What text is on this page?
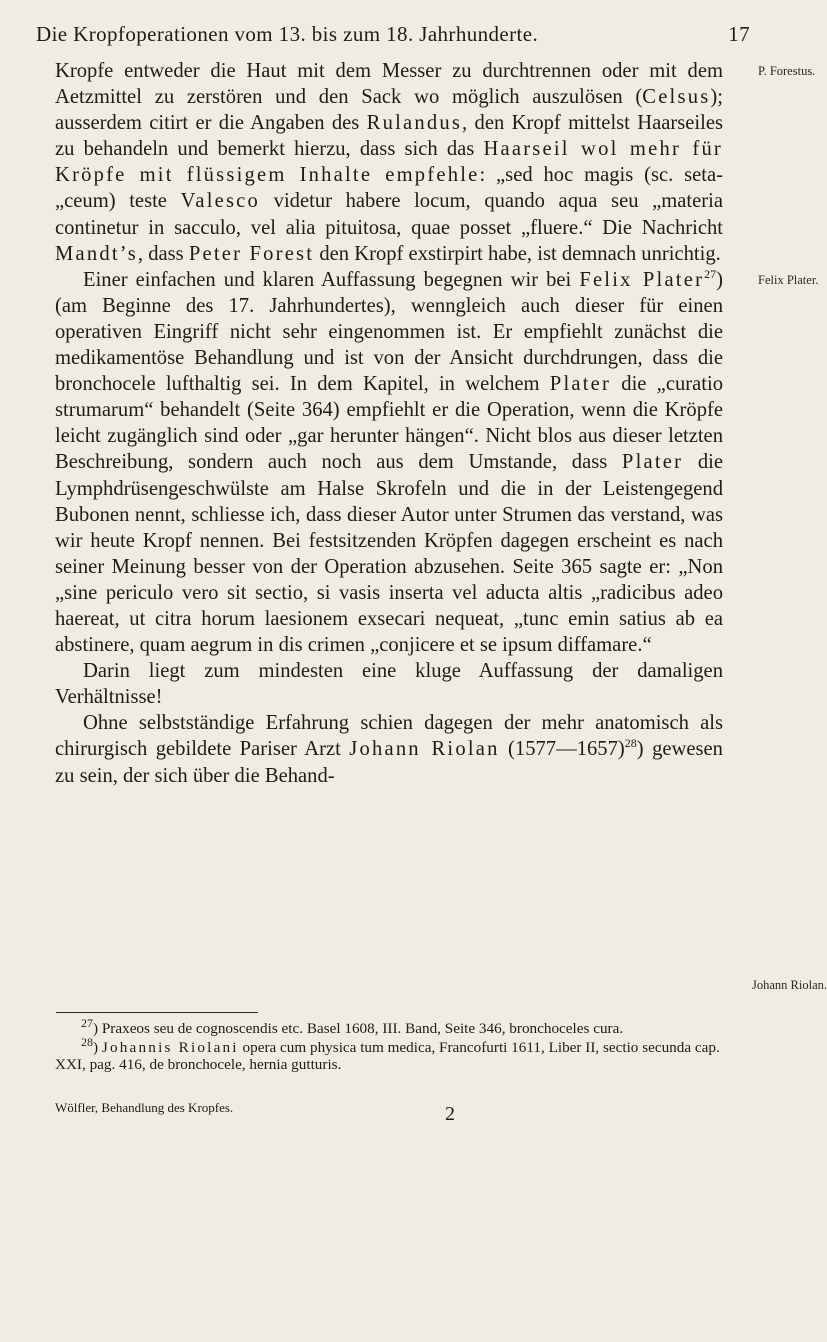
Die Kropfoperationen vom 13. bis zum 18. Jahrhunderte.	17
P. Forestus.
Felix Plater.
Johann Riolan.

Kropfe entweder die Haut mit dem Messer zu durchtrennen oder mit dem Aetzmittel zu zerstören und den Sack wo möglich auszulösen (Celsus); ausserdem citirt er die Angaben des Rulandus, den Kropf mittelst Haarseiles zu behandeln und bemerkt hierzu, dass sich das Haarseil wol mehr für Kröpfe mit flüssigem Inhalte empfehle: „sed hoc magis (sc. seta-„ceum) teste Valesco videtur habere locum, quando aqua seu „materia continetur in sacculo, vel alia pituitosa, quae posset „fluere.“ Die Nachricht Mandt’s, dass Peter Forest den Kropf exstirpirt habe, ist demnach unrichtig.

Einer einfachen und klaren Auffassung begegnen wir bei Felix Plater$^{27}$) (am Beginne des 17. Jahrhundertes), wenngleich auch dieser für einen operativen Eingriff nicht sehr eingenommen ist. Er empfiehlt zunächst die medikamentöse Behandlung und ist von der Ansicht durchdrungen, dass die bronchocele lufthaltig sei. In dem Kapitel, in welchem Plater die „curatio strumarum“ behandelt (Seite 364) empfiehlt er die Operation, wenn die Kröpfe leicht zugänglich sind oder „gar herunter hängen“. Nicht blos aus dieser letzten Beschreibung, sondern auch noch aus dem Umstande, dass Plater die Lymphdrüsengeschwülste am Halse Skrofeln und die in der Leistengegend Bubonen nennt, schliesse ich, dass dieser Autor unter Strumen das verstand, was wir heute Kropf nennen. Bei festsitzenden Kröpfen dagegen erscheint es nach seiner Meinung besser von der Operation abzusehen. Seite 365 sagte er: „Non „sine periculo vero sit sectio, si vasis inserta vel aducta altis „radicibus adeo haereat, ut citra horum laesionem exsecari nequeat, „tunc emin satius ab ea abstinere, quam aegrum in dis crimen „conjicere et se ipsum diffamare.“

Darin liegt zum mindesten eine kluge Auffassung der damaligen Verhältnisse!

Ohne selbstständige Erfahrung schien dagegen der mehr anatomisch als chirurgisch gebildete Pariser Arzt Johann Riolan (1577—1657)$^{28}$) gewesen zu sein, der sich über die Behand-

$^{27}$) Praxeos seu de cognoscendis etc. Basel 1608, III. Band, Seite 346, bronchoceles cura.

$^{28}$) Johannis Riolani opera cum physica tum medica, Francofurti 1611, Liber II, sectio secunda cap. XXI, pag. 416, de bronchocele, hernia gutturis.

Wölfler, Behandlung des Kropfes.	2
